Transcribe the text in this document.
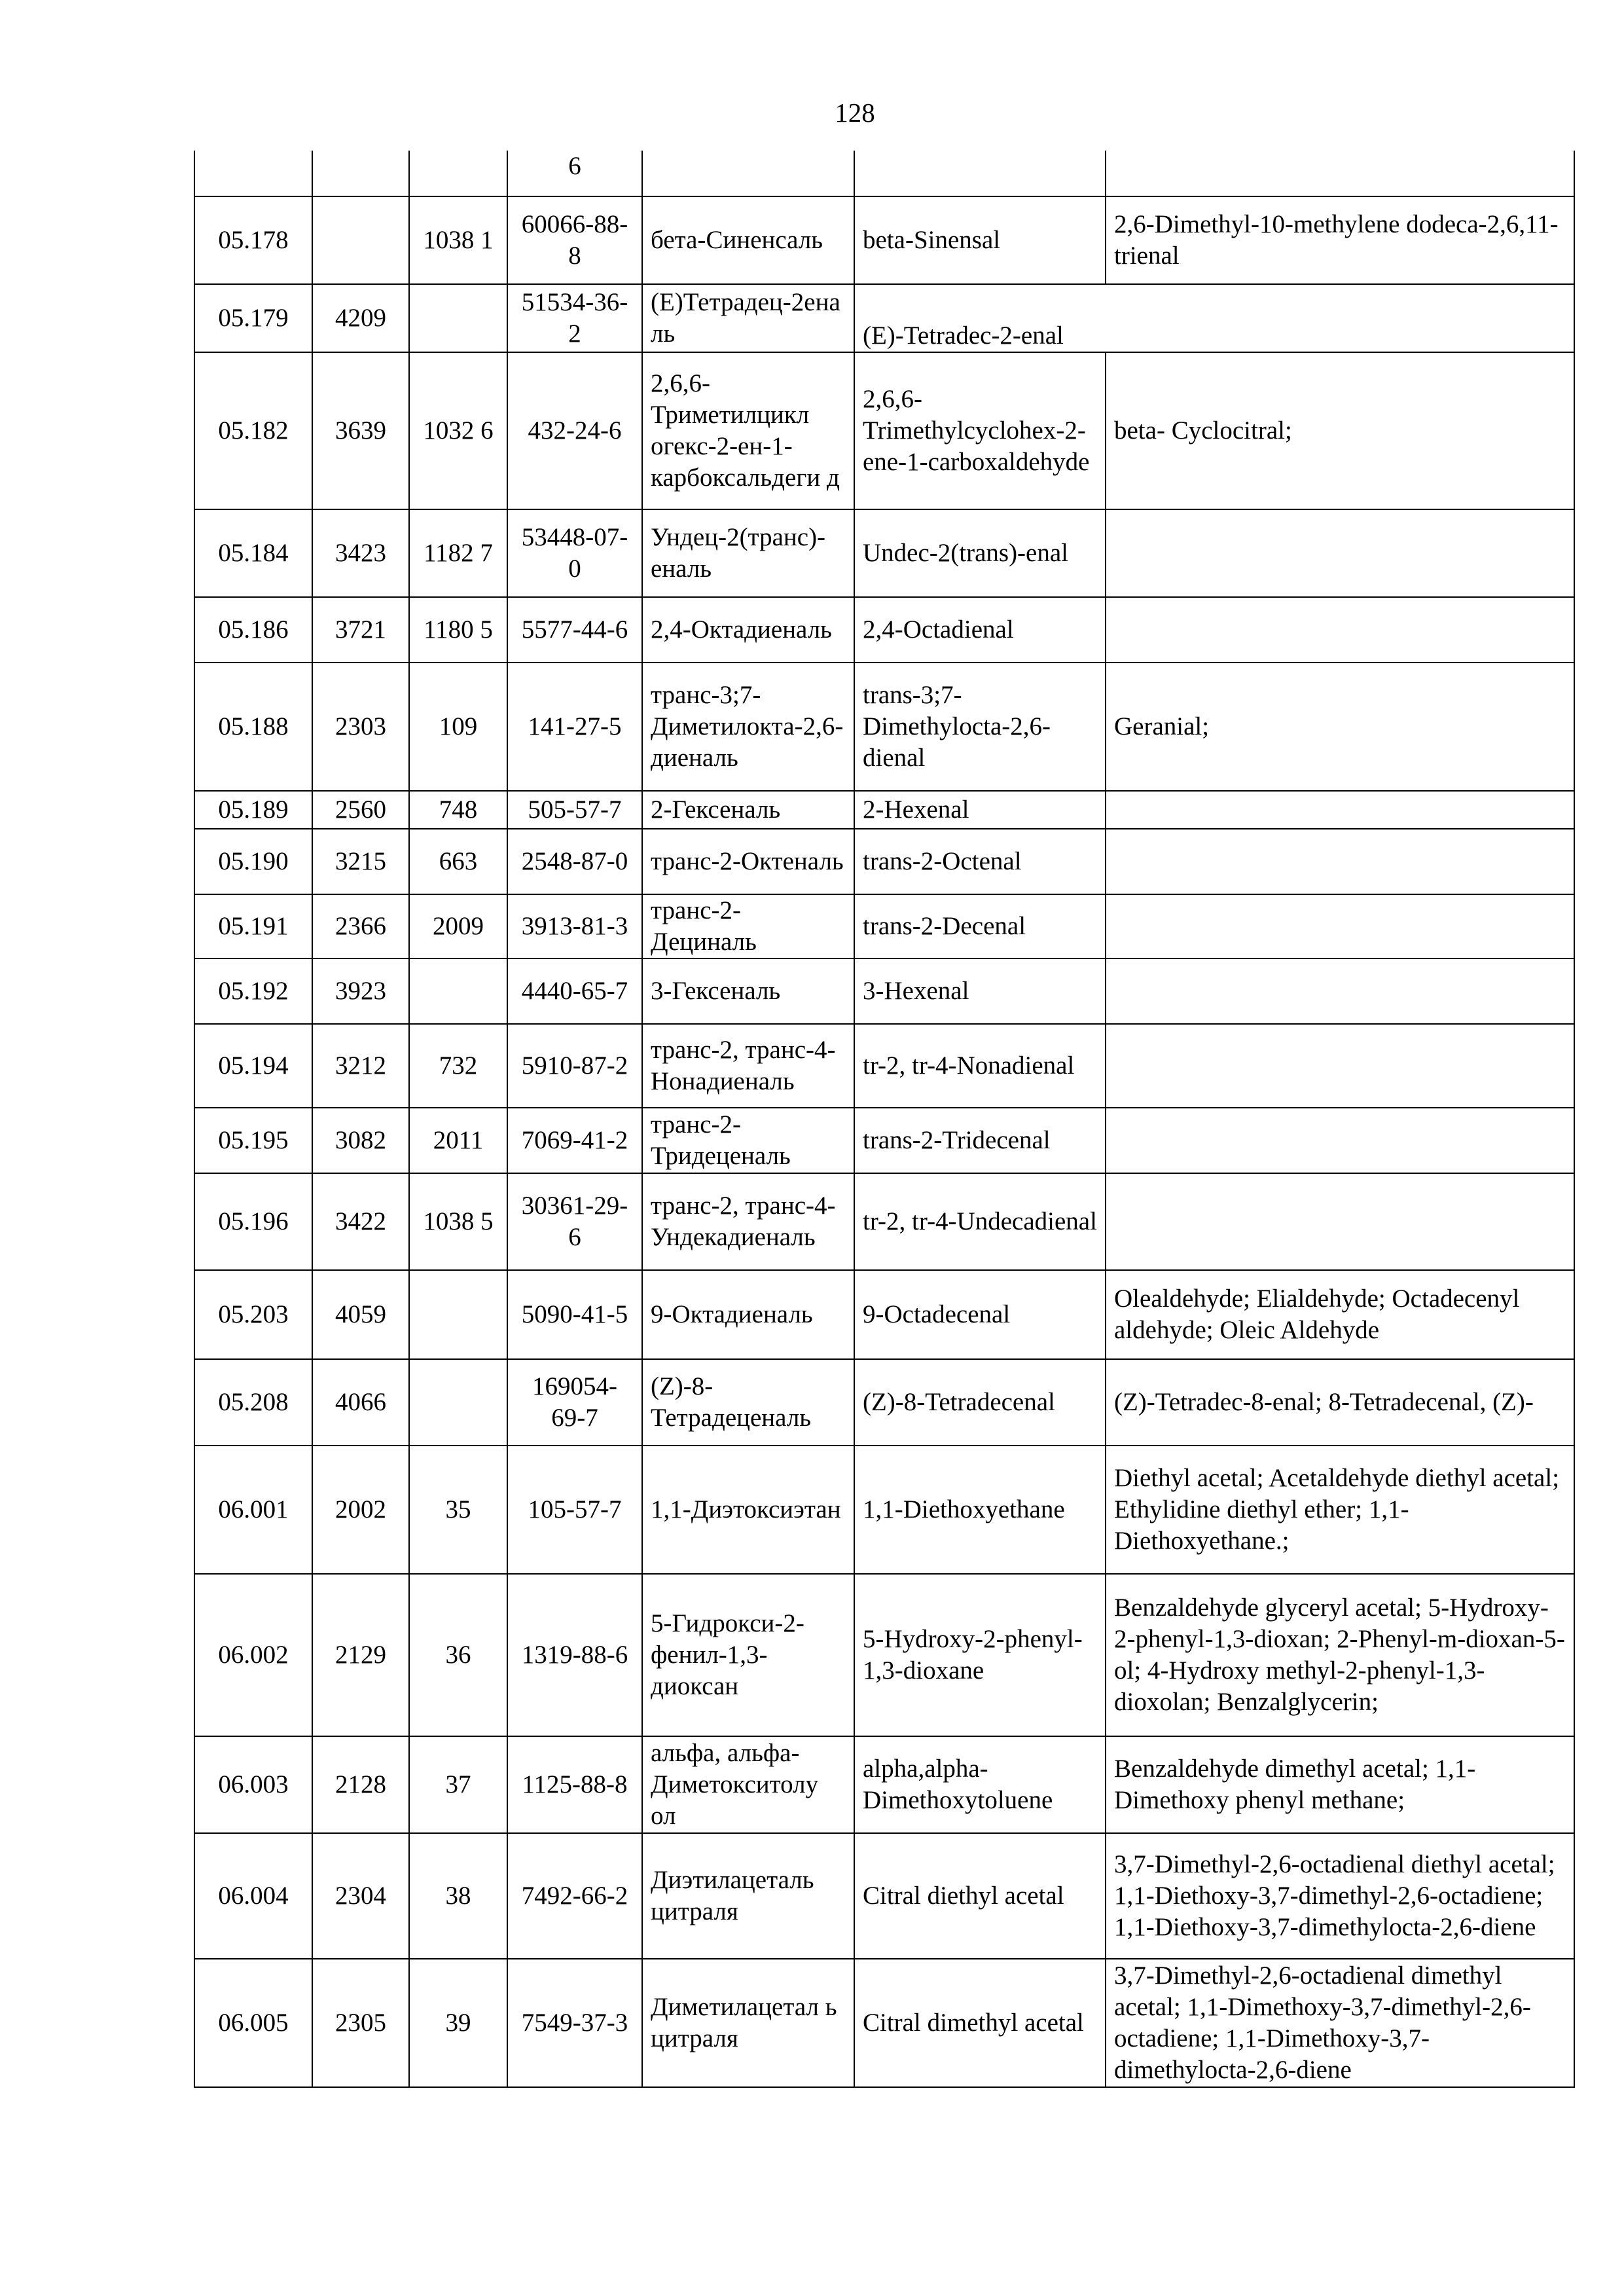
128
			6			
05.178		1038 1	60066-88-8	бета-Синенсаль	beta-Sinensal	2,6-Dimethyl-10-methylene dodeca-2,6,11-trienal
05.179	4209		51534-36-2	(Е)Тетрадец-2еналь	(E)-Tetradec-2-enal	
05.182	3639	1032 6	432-24-6	2,6,6-Триметилцикл огекс-2-ен-1-карбоксальдеги д	2,6,6-Trimethylcyclohex-2-ene-1-carboxaldehyde	beta- Cyclocitral;
05.184	3423	1182 7	53448-07-0	Ундец-2(транс)-еналь	Undec-2(trans)-enal	
05.186	3721	1180 5	5577-44-6	2,4-Октадиеналь	2,4-Octadienal	
05.188	2303	109	141-27-5	транс-3;7-Диметилокта-2,6-диеналь	trans-3;7-Dimethylocta-2,6-dienal	Geranial;
05.189	2560	748	505-57-7	2-Гексеналь	2-Hexenal	
05.190	3215	663	2548-87-0	транс-2-Октеналь	trans-2-Octenal	
05.191	2366	2009	3913-81-3	транс-2-Дециналь	trans-2-Decenal	
05.192	3923		4440-65-7	3-Гексеналь	3-Hexenal	
05.194	3212	732	5910-87-2	транс-2, транс-4-Нонадиеналь	tr-2, tr-4-Nonadienal	
05.195	3082	2011	7069-41-2	транс-2-Тридеценаль	trans-2-Tridecenal	
05.196	3422	1038 5	30361-29-6	транс-2, транс-4-Ундекадиеналь	tr-2, tr-4-Undecadienal	
05.203	4059		5090-41-5	9-Октадиеналь	9-Octadecenal	Olealdehyde; Elialdehyde; Octadecenyl aldehyde; Oleic Aldehyde
05.208	4066		169054-69-7	(Z)-8-Тетрадеценаль	(Z)-8-Tetradecenal	(Z)-Tetradec-8-enal; 8-Tetradecenal, (Z)-
06.001	2002	35	105-57-7	1,1-Диэтоксиэтан	1,1-Diethoxyethane	Diethyl acetal; Acetaldehyde diethyl acetal; Ethylidine diethyl ether; 1,1-Diethoxyethane.;
06.002	2129	36	1319-88-6	5-Гидрокси-2-фенил-1,3-диоксан	5-Hydroxy-2-phenyl-1,3-dioxane	Benzaldehyde glyceryl acetal; 5-Hydroxy-2-phenyl-1,3-dioxan; 2-Phenyl-m-dioxan-5-ol; 4-Hydroxy methyl-2-phenyl-1,3-dioxolan; Benzalglycerin;
06.003	2128	37	1125-88-8	альфа, альфа-Диметокситолу ол	alpha,alpha-Dimethoxytoluene	Benzaldehyde dimethyl acetal; 1,1-Dimethoxy phenyl methane;
06.004	2304	38	7492-66-2	Диэтилацеталь цитраля	Citral diethyl acetal	3,7-Dimethyl-2,6-octadienal diethyl acetal; 1,1-Diethoxy-3,7-dimethyl-2,6-octadiene; 1,1-Diethoxy-3,7-dimethylocta-2,6-diene
06.005	2305	39	7549-37-3	Диметилацетал ь цитраля	Citral dimethyl acetal	3,7-Dimethyl-2,6-octadienal dimethyl acetal; 1,1-Dimethoxy-3,7-dimethyl-2,6-octadiene; 1,1-Dimethoxy-3,7-dimethylocta-2,6-diene
